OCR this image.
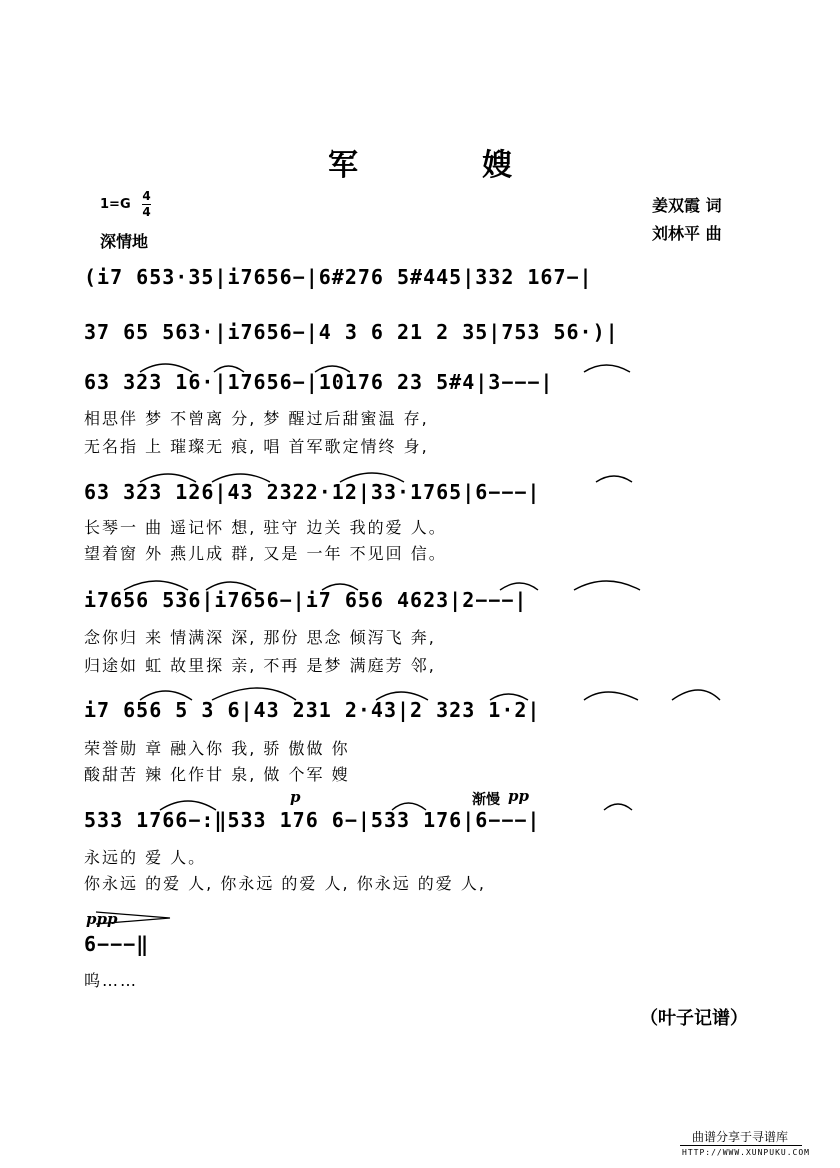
军	嫂
1=G
4
4
深情地
姜双霞 词
刘林平 曲
(i7 653·35|i7656−|6#276 5#445|332 167−|
37 65 563·|i7656−|4 3 6 21 2 35|753 56·)|
63 323 16·|17656−|10176 23 5#4|3−−−|
相思伴 梦 不曾离 分, 梦 醒过后甜蜜温 存,
无名指 上 璀璨无 痕, 唱 首军歌定情终 身,
63 323 126|43 2322·12|33·1765|6−−−|
长琴一 曲 遥记怀 想, 驻守 边关 我的爱 人。
望着窗 外 燕儿成 群, 又是 一年 不见回 信。
i7656 536|i7656−|i7 656 4623|2−−−|
念你归 来 情满深 深, 那份 思念 倾泻飞 奔,
归途如 虹 故里探 亲, 不再 是梦 满庭芳 邻,
i7 656 5 3 6|43 231 2·43|2 323 1·2|
荣誉勋 章 融入你 我, 骄 傲做 你
酸甜苦 辣 化作甘 泉, 做 个军 嫂
p	渐慢 pp
533 1766−:‖533 176 6−|533 176|6−−−|
永远的 爱 人。
你永远 的爱 人, 你永远 的爱 人, 你永远 的爱 人,
ppp
6−−−‖
呜……
（叶子记谱）
曲谱分享于寻谱库
HTTP://WWW.XUNPUKU.COM
